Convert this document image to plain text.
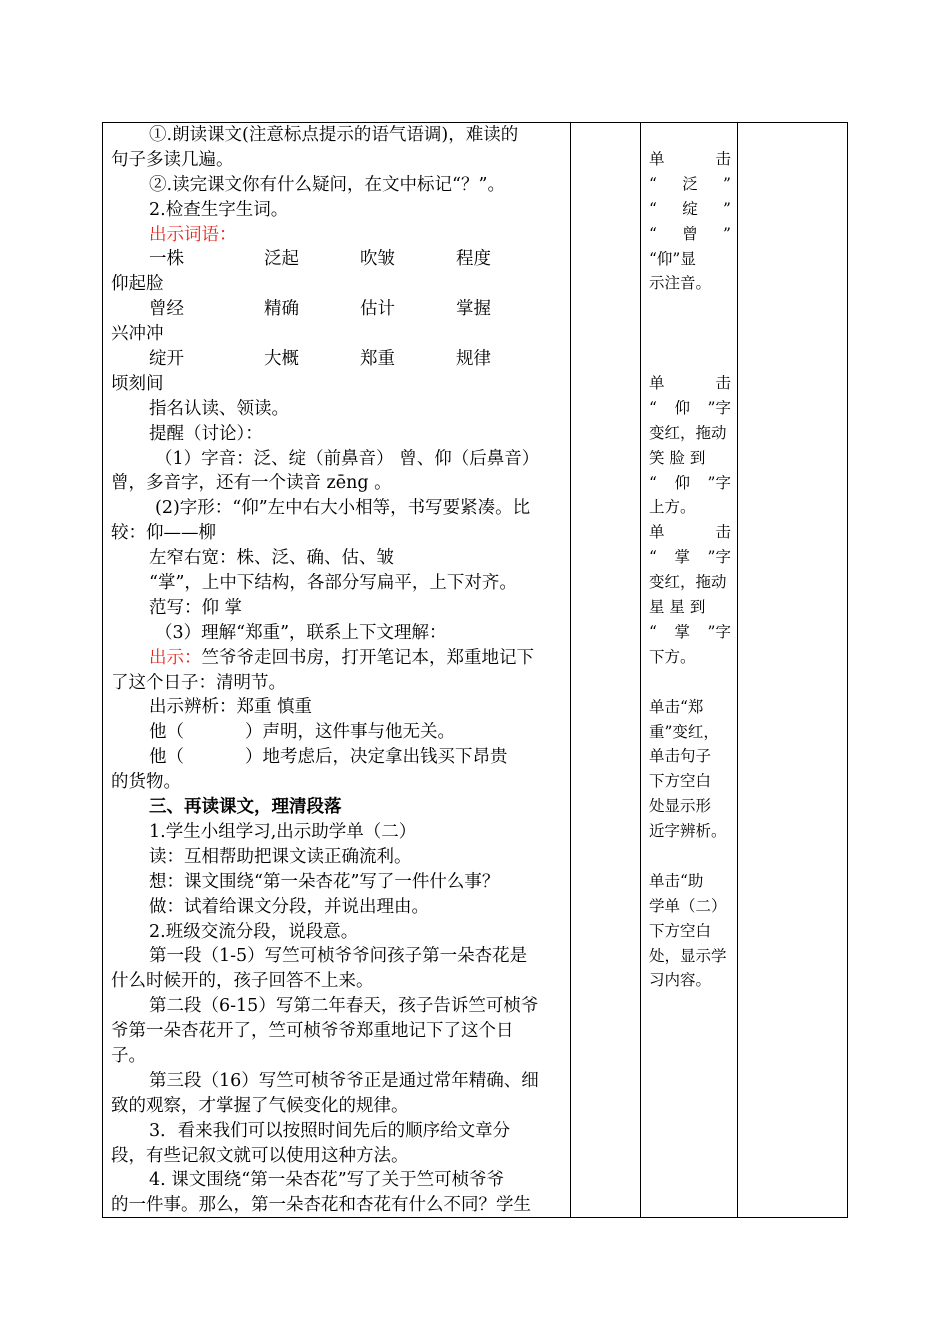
①.朗读课文(注意标点提示的语气语调)，难读的
句子多读几遍。
②.读完课文你有什么疑问，在文中标记“？”。
2.检查生字生词。
出示词语：
一株	泛起	吹皱	程度
仰起脸
曾经	精确	估计	掌握
兴冲冲
绽开	大概	郑重	规律
顷刻间
指名认读、领读。
提醒（讨论）：
（1）字音：泛、绽（前鼻音） 曾、仰（后鼻音）
曾，多音字，还有一个读音 zēng 。
(2)字形：“仰”左中右大小相等，书写要紧凑。比
较：仰——柳
左窄右宽：株、泛、确、估、皱
“掌”，上中下结构，各部分写扁平，上下对齐。
范写：仰 掌
（3）理解“郑重”，联系上下文理解：
出示：竺爷爷走回书房，打开笔记本，郑重地记下
了这个日子：清明节。
出示辨析：郑重 慎重
他（	）声明，这件事与他无关。
他（	）地考虑后，决定拿出钱买下昂贵
的货物。
三、再读课文，理清段落
1.学生小组学习,出示助学单（二）
读：互相帮助把课文读正确流利。
想：课文围绕“第一朵杏花”写了一件什么事？
做：试着给课文分段，并说出理由。
2.班级交流分段，说段意。
第一段（1-5）写竺可桢爷爷问孩子第一朵杏花是
什么时候开的，孩子回答不上来。
第二段（6-15）写第二年春天，孩子告诉竺可桢爷
爷第一朵杏花开了，竺可桢爷爷郑重地记下了这个日
子。
第三段（16）写竺可桢爷爷正是通过常年精确、细
致的观察，才掌握了气候变化的规律。
3．看来我们可以按照时间先后的顺序给文章分
段，有些记叙文就可以使用这种方法。
4. 课文围绕“第一朵杏花”写了关于竺可桢爷爷
的一件事。那么，第一朵杏花和杏花有什么不同？学生
单	击
“ 泛 ”
“ 绽 ”
“ 曾 ”
“仰”显
示注音。
单	击
“ 仰 ”字
变红，拖动
笑 脸 到
“ 仰 ”字
上方。
单	击
“ 掌 ”字
变红，拖动
星 星 到
“ 掌 ”字
下方。
单击“郑
重”变红，
单击句子
下方空白
处显示形
近字辨析。
单击“助
学单（二）
下方空白
处，显示学
习内容。
